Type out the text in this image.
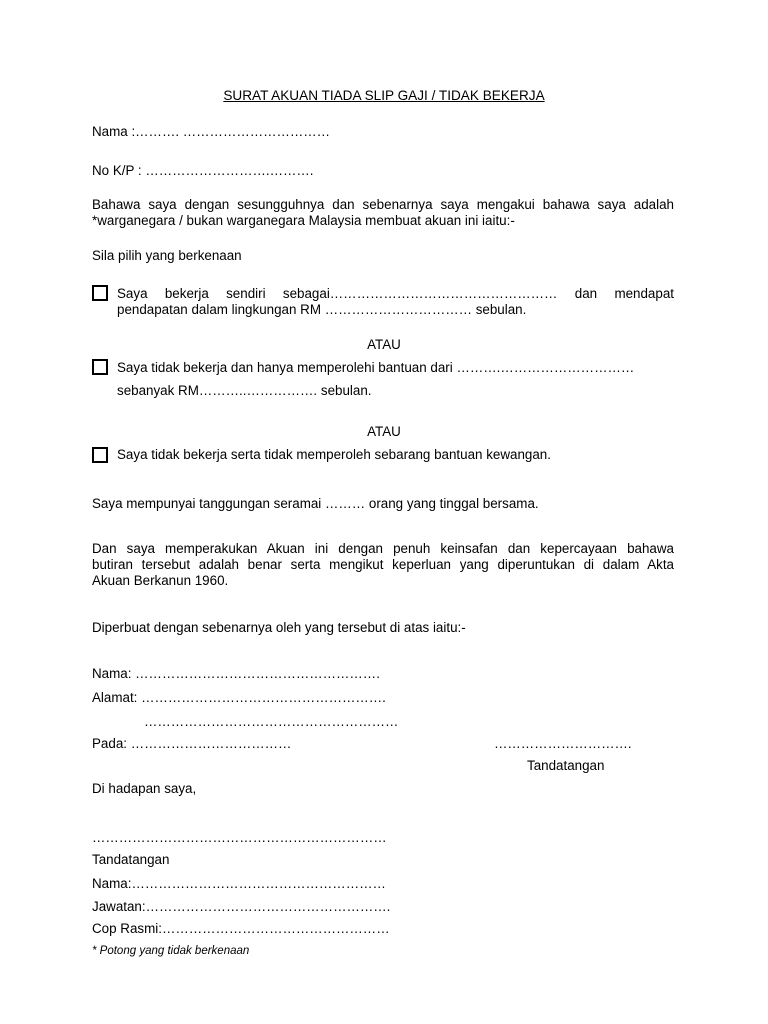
SURAT AKUAN TIADA SLIP GAJI / TIDAK BEKERJA
Nama :………. ……………………………
No K/P : ……………………….……….
Bahawa saya dengan sesungguhnya dan sebenarnya saya mengakui bahawa saya adalah
*warganegara / bukan warganegara Malaysia membuat akuan ini iaitu:-
Sila pilih yang berkenaan
Saya bekerja sendiri sebagai…………………………………………… dan mendapat
pendapatan dalam lingkungan RM …………………………… sebulan.
ATAU
Saya tidak bekerja dan hanya memperolehi bantuan dari ……….…………………………
sebanyak RM………..……………. sebulan.
ATAU
Saya tidak bekerja serta tidak memperoleh sebarang bantuan kewangan.
Saya mempunyai tanggungan seramai ……… orang yang tinggal bersama.
Dan saya memperakukan Akuan ini dengan penuh keinsafan dan kepercayaan bahawa
butiran tersebut adalah benar serta mengikut keperluan yang diperuntukan di dalam Akta
Akuan Berkanun 1960.
Diperbuat dengan sebenarnya oleh yang tersebut di atas iaitu:-
Nama: ……………………………………………….
Alamat: ……………………………………………….
…………………………………………………
Pada: ………………………………	………………………….
Tandatangan
Di hadapan saya,
…………………………………………………………
Tandatangan
Nama:…………………………………………………
Jawatan:……………………………………………….
Cop Rasmi:……………………………………………
* Potong yang tidak berkenaan
